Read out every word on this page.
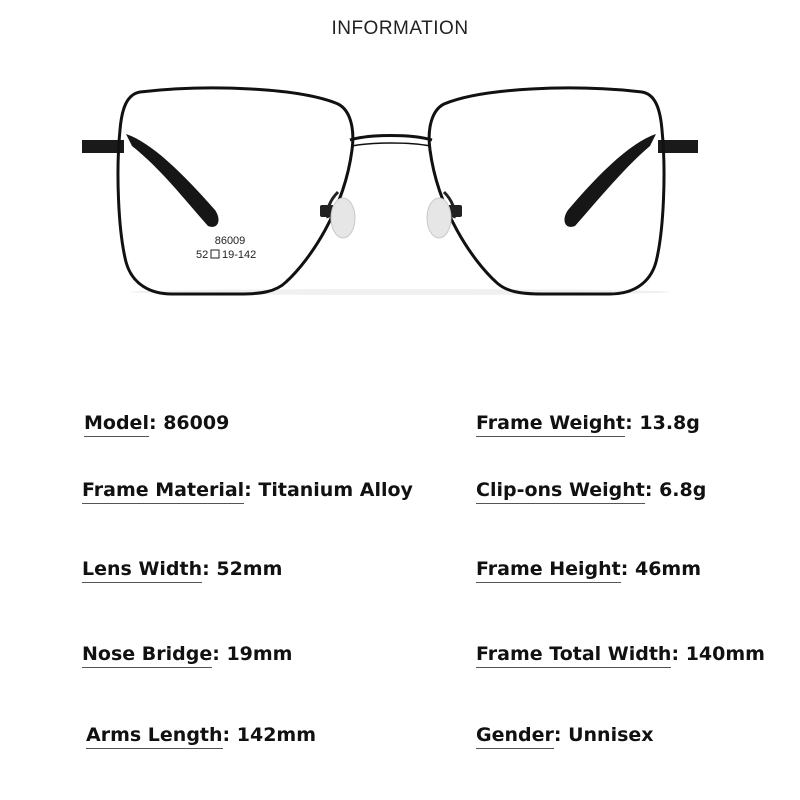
INFORMATION
86009
52 19-142
Model: 86009	Frame Weight: 13.8g
Frame Material: Titanium Alloy	Clip-ons Weight: 6.8g
Lens Width: 52mm	Frame Height: 46mm
Nose Bridge: 19mm	Frame Total Width: 140mm
Arms Length: 142mm	Gender: Unnisex
